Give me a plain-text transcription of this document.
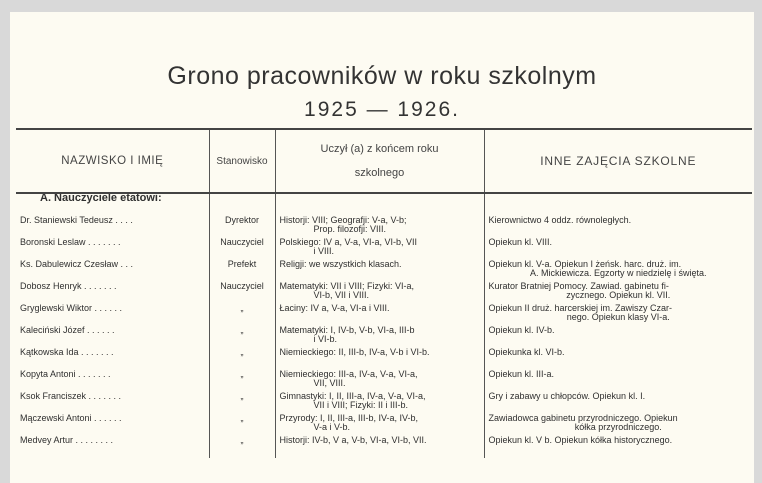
Grono pracowników w roku szkolnym
1925 — 1926.
NAZWISKO I IMIĘ	Stanowisko	Uczył (a) z końcem roku
szkolnego	INNE ZAJĘCIA SZKOLNE
A. Nauczyciele etatowi:			
Dr. Staniewski Tedeusz . . . .	Dyrektor	Historji: VIII; Geografji: V-a, V-b;
Prop. filozofji: VIII.	Kierownictwo 4 oddz. równoległych.

Boronski Leslaw . . . . . . .	Nauczyciel	Polskiego: IV a, V-a, VI-a, VI-b, VII
i VIII.	Opiekun kl. VIII.

Ks. Dabulewicz Czesław . . .	Prefekt	Religji: we wszystkich klasach.	Opiekun kl. V-a. Opiekun I żeńsk. harc. druż. im.
A. Mickiewicza. Egzorty w niedzielę i święta.

Dobosz Henryk . . . . . . .	Nauczyciel	Matematyki: VII i VIII; Fizyki: VI-a,
VI-b, VII i VIII.	Kurator Bratniej Pomocy. Zawiad. gabinetu fi-
zycznego. Opiekun kl. VII.

Gryglewski Wiktor . . . . . .	„	Łaciny: IV a, V-a, VI-a i VIII.	Opiekun II druż. harcerskiej im. Zawiszy Czar-
nego. Opiekun klasy VI-a.

Kaleciński Józef . . . . . .	„	Matematyki: I, IV-b, V-b, VI-a, III-b
i VI-b.	Opiekun kl. IV-b.

Kątkowska Ida . . . . . . .	„	Niemieckiego: II, III-b, IV-a, V-b i VI-b.	Opiekunka kl. VI-b.

Kopyta Antoni . . . . . . .	„	Niemieckiego: III-a, IV-a, V-a, VI-a,
VII, VIII.	Opiekun kl. III-a.

Ksok Franciszek . . . . . . .	„	Gimnastyki: I, II, III-a, IV-a, V-a, VI-a,
VII i VIII; Fizyki: II i III-b.	Gry i zabawy u chłopców. Opiekun kl. I.

Mączewski Antoni . . . . . .	„	Przyrody: I, II, III-a, III-b, IV-a, IV-b,
V-a i V-b.	Zawiadowca gabinetu przyrodniczego. Opiekun
kółka przyrodniczego.

Medvey Artur . . . . . . . .	„	Historji: IV-b, V a, V-b, VI-a, VI-b, VII.	Opiekun kl. V b. Opiekun kółka historycznego.
